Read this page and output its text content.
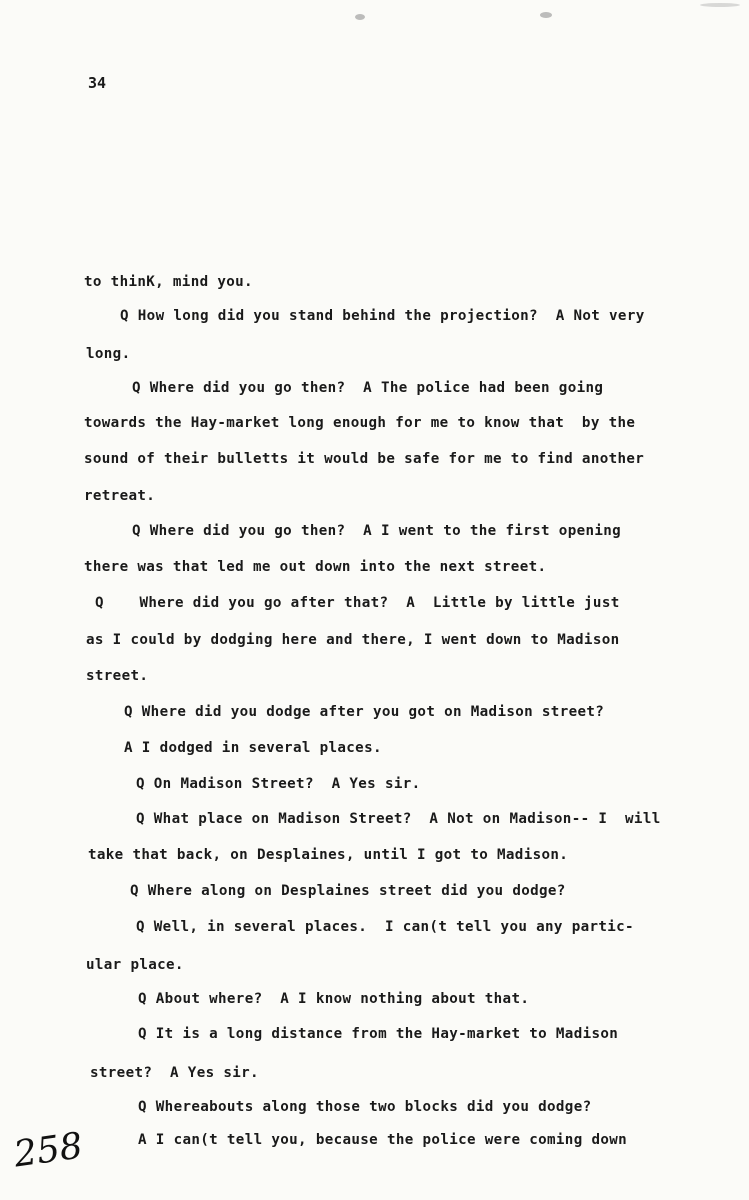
34
to thinK, mind you.
Q How long did you stand behind the projection?  A Not very
long.
Q Where did you go then?  A The police had been going
towards the Hay-market long enough for me to know that  by the
sound of their bulletts it would be safe for me to find another
retreat.
Q Where did you go then?  A I went to the first opening
there was that led me out down into the next street.
Q    Where did you go after that?  A  Little by little just
as I could by dodging here and there, I went down to Madison
street.
Q Where did you dodge after you got on Madison street?
A I dodged in several places.
Q On Madison Street?  A Yes sir.
Q What place on Madison Street?  A Not on Madison-- I  will
take that back, on Desplaines, until I got to Madison.
Q Where along on Desplaines street did you dodge?
Q Well, in several places.  I can(t tell you any partic-
ular place.
Q About where?  A I know nothing about that.
Q It is a long distance from the Hay-market to Madison
street?  A Yes sir.
Q Whereabouts along those two blocks did you dodge?
A I can(t tell you, because the police were coming down
258
